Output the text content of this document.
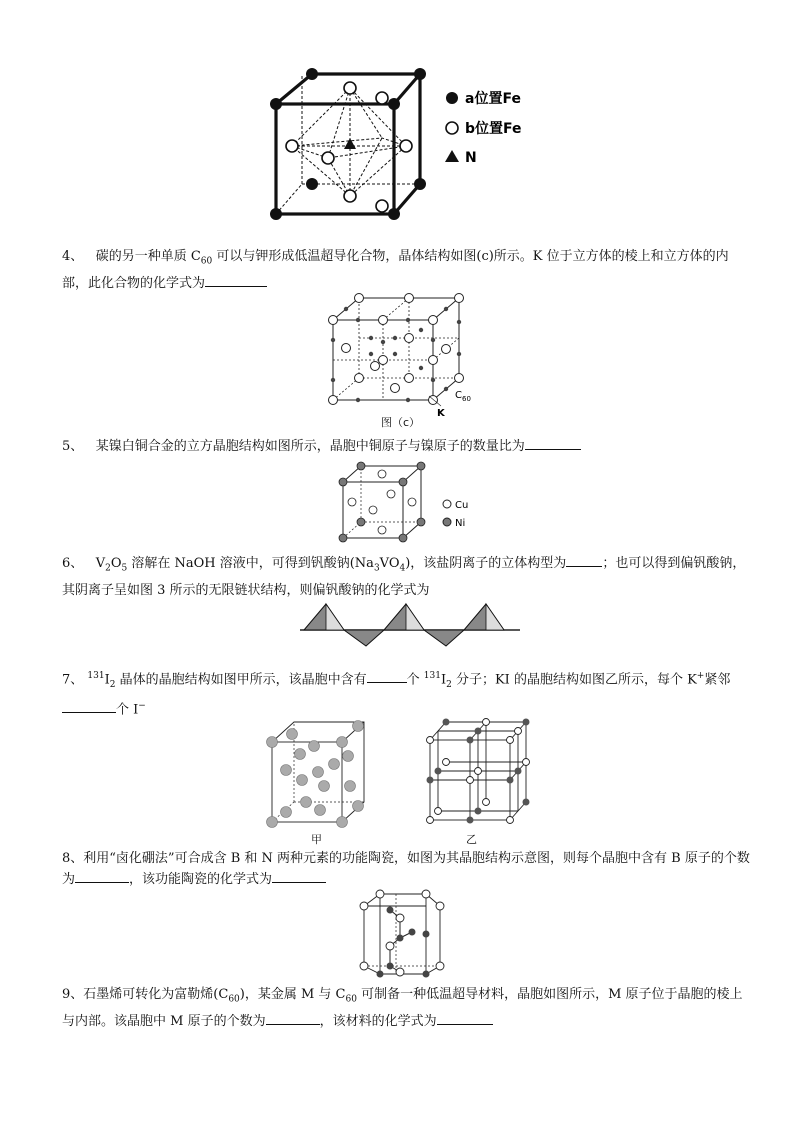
a位置Fe
b位置Fe
N
4、 碳的另一种单质 $C_{60}$ 可以与钾形成低温超导化合物，晶体结构如图(c)所示。K 位于立方体的棱上和立方体的内部，此化合物的化学式为
K
C 60
图（c）
5、 某镍白铜合金的立方晶胞结构如图所示，晶胞中铜原子与镍原子的数量比为
Cu
Ni
6、 $V_2O_5$ 溶解在 NaOH 溶液中，可得到钒酸钠$(Na_3VO_4)$，该盐阴离子的立体构型为	；也可以得到偏钒酸钠，其阴离子呈如图 3 所示的无限链状结构，则偏钒酸钠的化学式为
7、 $^{131}I_2$ 晶体的晶胞结构如图甲所示，该晶胞中含有	个 $^{131}I_2$ 分子；KI 的晶胞结构如图乙所示，每个 K+紧邻个 I−
甲	乙
8、利用“卤化硼法”可合成含 B 和 N 两种元素的功能陶瓷，如图为其晶胞结构示意图，则每个晶胞中含有 B 原子的个数为	，该功能陶瓷的化学式为
9、石墨烯可转化为富勒烯$(C_{60})$，某金属 M 与 $C_{60}$ 可制备一种低温超导材料，晶胞如图所示，M 原子位于晶胞的棱上与内部。该晶胞中 M 原子的个数为	，该材料的化学式为
